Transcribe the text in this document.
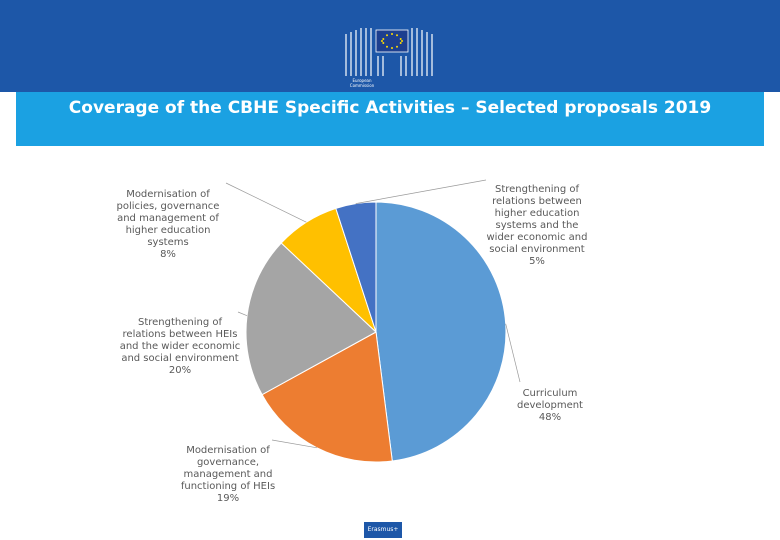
European
Commission
Coverage of the CBHE Specific Activities – Selected proposals 2019

Curriculum development
48%

Modernisation of governance, management and functioning of HEIs
19%

Strengthening of relations between HEIs and the wider economic and social environment
20%

Modernisation of policies, governance and management of higher education systems
8%

Strengthening of relations between higher education systems and the wider economic and social environment
5%

Erasmus+
